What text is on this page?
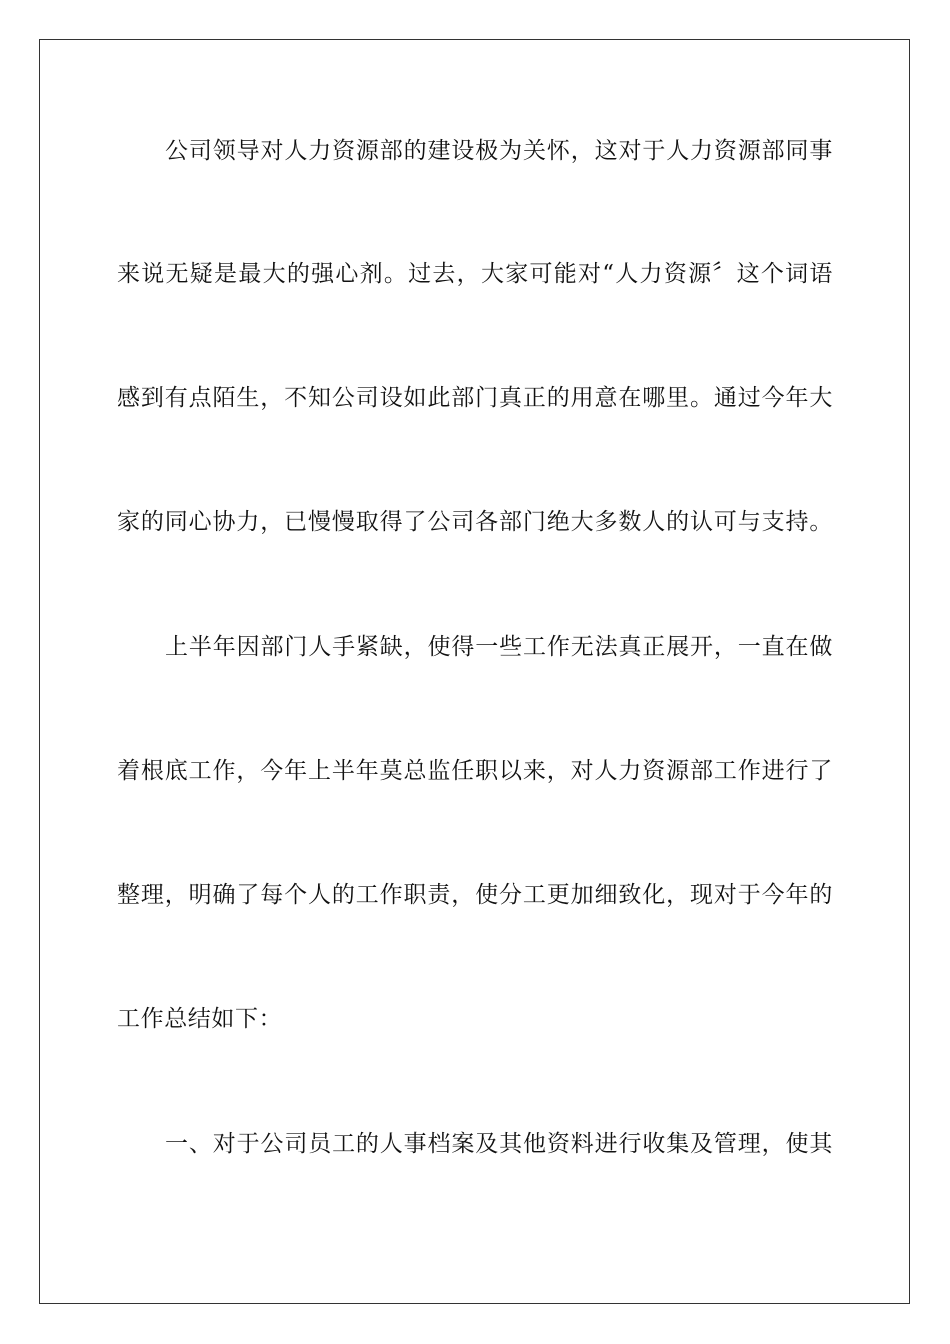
公司领导对人力资源部的建设极为关怀，这对于人力资源部同事
来说无疑是最大的强心剂。过去，大家可能对“人力资源〞这个词语
感到有点陌生，不知公司设如此部门真正的用意在哪里。通过今年大
家的同心协力，已慢慢取得了公司各部门绝大多数人的认可与支持。
上半年因部门人手紧缺，使得一些工作无法真正展开，一直在做
着根底工作，今年上半年莫总监任职以来，对人力资源部工作进行了
整理，明确了每个人的工作职责，使分工更加细致化，现对于今年的
工作总结如下：
一、对于公司员工的人事档案及其他资料进行收集及管理，使其
